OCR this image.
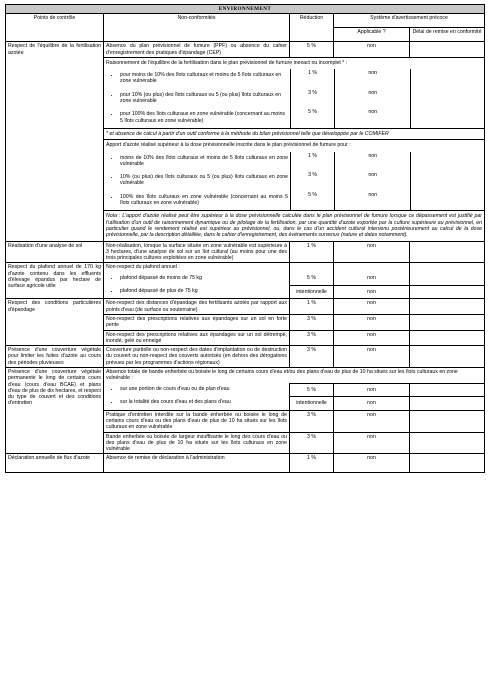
ENVIRONNEMENT
Points de contrôle	Non-conformités	Réduction	Système d'avertissement précoce
Applicable ?	Délai de remise en conformité
Respect de l'équilibre de la fertilisation azotée	Absence du plan prévisionnel de fumure (PPF) ou absence du cahier d'enregistrement des pratiques d'épandage (CEP)	5 %	non	

Raisonnement de l'équilibre de la fertilisation dans le plan prévisionnel de fumure inexact ou incomplet * :

• pour moins de 10% des îlots culturaux et moins de 5 îlots culturaux en zone vulnérable
	1 %	non	

• pour 10% (ou plus) des îlots culturaux ou 5 (ou plus) îlots culturaux en zone vulnérable
	3 %	non	

• pour 100% des îlots culturaux en zone vulnérable (concernant au moins 5 îlots culturaux en zone vulnérable)
	5 %	non	
* et absence de calcul à partir d'un outil conforme à la méthode du bilan prévisionnel telle que développée par le COMIFER

Apport d'azote réalisé supérieur à la dose prévisionnelle inscrite dans le plan prévisionnel de fumure pour :

• moins de 10% des îlots culturaux et moins de 5 îlots culturaux en zone vulnérable
	1 %	non	

• 10% (ou plus) des îlots culturaux ou 5 (ou plus) îlots culturaux en zone vulnérable
	3 %	non	

• 100% des îlots culturaux en zone vulnérable (concernant au moins 5 îlots culturaux en zone vulnérable)
	5 %	non	
Nota : L'apport d'azote réalisé peut être supérieur à la dose prévisionnelle calculée dans le plan prévisionnel de fumure lorsque ce dépassement est justifié par l'utilisation d'un outil de raisonnement dynamique ou de pilotage de la fertilisation, par une quantité d'azote exportée par la culture supérieure au prévisionnel, en particulier quand le rendement réalisé est supérieur au prévisionnel, ou, dans le cas d'un accident cultural intervenu postérieurement au calcul de la dose prévisionnelle, par la description détaillée, dans le cahier d'enregistrement, des événements survenus (nature et dates notamment).

Réalisation d'une analyse de sol	Non-réalisation, lorsque la surface située en zone vulnérable est supérieure à 3 hectares, d'une analyse de sol sur un îlot cultural (au moins pour une des trois principales cultures exploitées en zone vulnérable)	1 %	non	
Respect du plafond annuel de 170 kg d'azote contenu dans les effluents d'élevage épandus par hectare de surface agricole utile	Non-respect du plafond annuel :			

• plafond dépassé de moins de 75 kg	5 %	non	

• plafond dépassé de plus de 75 kg	intentionnelle	non	
Respect des conditions particulières d'épandage	Non-respect des distances d'épandage des fertilisants azotés par rapport aux points d'eau (de surface ou souterraine)	1 %	non	
Non-respect des prescriptions relatives aux épandages sur un sol en forte pente	3 %	non	
Non-respect des prescriptions relatives aux épandages sur un sol détrempé, inondé, gelé ou enneigé	3 %	non	
Présence d'une couverture végétale pour limiter les fuites d'azote au cours des périodes pluvieuses	Couverture partielle ou non-respect des dates d'implantation ou de destruction du couvert ou non-respect des couverts autorisés (en dehors des dérogations prévues par les programmes d'actions régionaux)	3 %	non	
Présence d'une couverture végétale permanente le long de certains cours d'eau (cours d'eau BCAE) et plans d'eau de plus de dix hectares, et respect du type de couvert et des conditions d'entretien	Absence totale de bande enherbée ou boisée le long de certains cours d'eau et/ou des plans d'eau de plus de 10 ha situés sur les îlots culturaux en zone vulnérable :

• sur une portion de cours d'eau ou de plan d'eau	5 %	non	

• sur la totalité des cours d'eau et des plans d'eau	intentionnelle	non	
Pratique d'entretien interdite sur la bande enherbée ou boisée le long de certains cours d'eau ou des plans d'eau de plus de 10 ha situés sur les îlots culturaux en zone vulnérable	3 %	non	
Bande enherbée ou boisée de largeur insuffisante le long des cours d'eau ou des plans d'eau de plus de 10 ha situés sur les îlots culturaux en zone vulnérable	3 %	non	
Déclaration annuelle de flux d'azote	Absence de remise de déclaration à l'administration	1 %	non	
